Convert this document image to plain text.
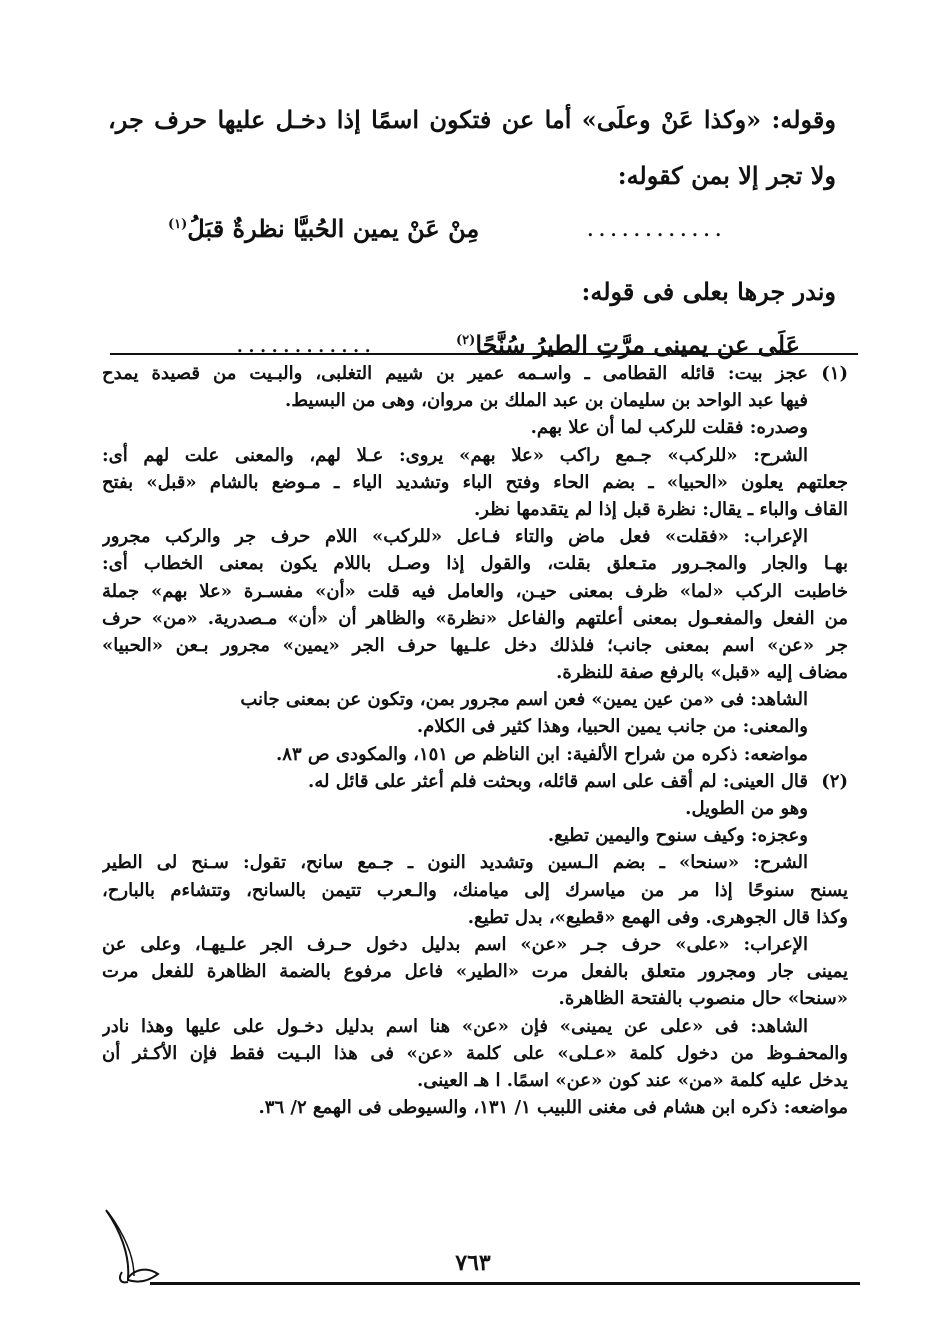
وقوله: «وكذا عَنْ وعلَى» أما عن فتكون اسمًا إذا دخـل عليها حرف جر،
ولا تجر إلا بمن كقوله:
مِنْ عَنْ يمين الحُبيَّا نظرةٌ قبَلُ$^{(١)}$	............
وندر جرها بعلى فى قوله:
عَلَى عن يمينى مرَّتِ الطيرُ سُنَّحًا$^{(٢)}$
............
(١)عجز بيت: قائله القطامى ـ واسـمه عمير بن شييم التغلبى، والبـيت من قصيدة يمدح
فيها عبد الواحد بن سليمان بن عبد الملك بن مروان، وهى من البسيط.
وصدره: فقلت للركب لما أن علا بهم.
الشرح: «للركب» جـمع راكب «علا بهم» يروى: عـلا لهم، والمعنى علت لهم أى:
جعلتهم يعلون «الحبيا» ـ بضم الحاء وفتح الباء وتشديد الياء ـ مـوضع بالشام «قبل» بفتح
القاف والباء ـ يقال: نظرة قبل إذا لم يتقدمها نظر.
الإعراب: «فقلت» فعل ماض والتاء فـاعل «للركب» اللام حرف جر والركب مجرور
بهـا والجار والمجـرور متـعلق بقلت، والقول إذا وصـل باللام يكون بمعنى الخطاب أى:
خاطبت الركب «لما» ظرف بمعنى حيـن، والعامل فيه قلت «أن» مفسـرة «علا بهم» جملة
من الفعل والمفعـول بمعنى أعلتهم والفاعل «نظرة» والظاهر أن «أن» مـصدرية. «من» حرف
جر «عن» اسم بمعنى جانب؛ فلذلك دخل علـيها حرف الجر «يمين» مجرور بـعن «الحبيا»
مضاف إليه «قبل» بالرفع صفة للنظرة.
الشاهد: فى «من عين يمين» فعن اسم مجرور بمن، وتكون عن بمعنى جانب
والمعنى: من جانب يمين الحبيا، وهذا كثير فى الكلام.
مواضعه: ذكره من شراح الألفية: ابن الناظم ص ١٥١، والمكودى ص ٨٣.
(٢)قال العينى: لم أقف على اسم قائله، وبحثت فلم أعثر على قائل له.
وهو من الطويل.
وعجزه: وكيف سنوح واليمين تطيع.
الشرح: «سنحا» ـ بضم الـسين وتشديد النون ـ جـمع سانح، تقول: سـنح لى الطير
يسنح سنوحًا إذا مر من مياسرك إلى ميامنك، والـعرب تتيمن بالسانح، وتتشاءم بالبارح،
وكذا قال الجوهرى. وفى الهمع «قطيع»، بدل تطيع.
الإعراب: «على» حرف جـر «عن» اسم بدليل دخول حـرف الجر علـيهـا، وعلى عن
يمينى جار ومجرور متعلق بالفعل مرت «الطير» فاعل مرفوع بالضمة الظاهرة للفعل مرت
«سنحا» حال منصوب بالفتحة الظاهرة.
الشاهد: فى «على عن يمينى» فإن «عن» هنا اسم بدليل دخـول على عليها وهذا نادر
والمحفـوظ من دخول كلمة «عـلى» على كلمة «عن» فى هذا البـيت فقط فإن الأكـثر أن
يدخل عليه كلمة «من» عند كون «عن» اسمًا. ا هـ العينى.
مواضعه: ذكره ابن هشام فى مغنى اللبيب ١/ ١٣١، والسيوطى فى الهمع ٢/ ٣٦.
٧٦٣
